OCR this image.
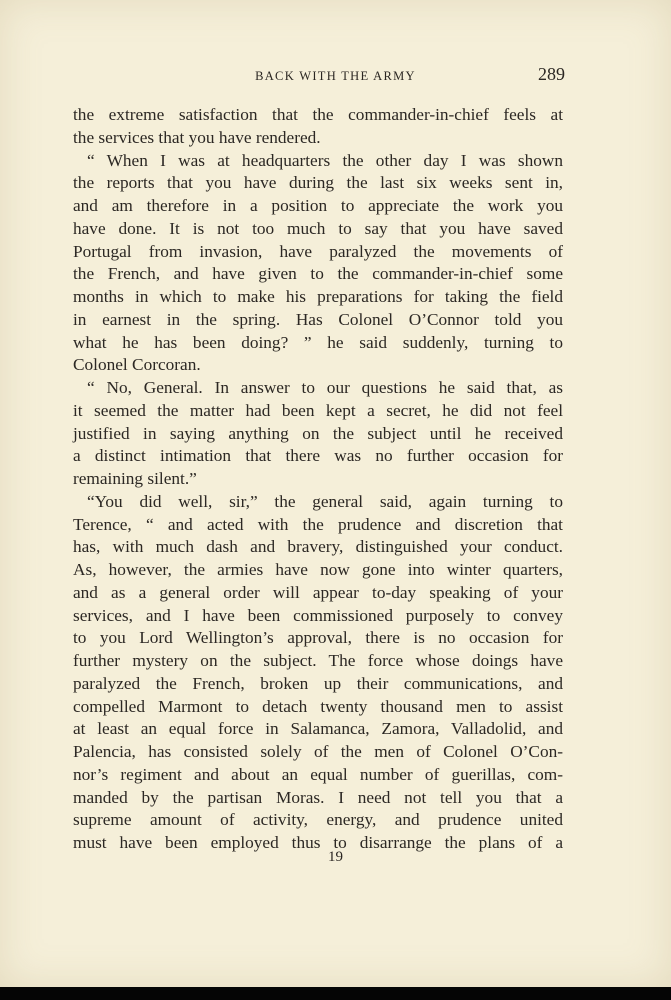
BACK WITH THE ARMY	289
the extreme satisfaction that the commander-in-chief feels at
the services that you have rendered.
“ When I was at headquarters the other day I was shown
the reports that you have during the last six weeks sent in,
and am therefore in a position to appreciate the work you
have done. It is not too much to say that you have saved
Portugal from invasion, have paralyzed the movements of
the French, and have given to the commander-in-chief some
months in which to make his preparations for taking the field
in earnest in the spring. Has Colonel O’Connor told you
what he has been doing? ” he said suddenly, turning to
Colonel Corcoran.
“ No, General. In answer to our questions he said that, as
it seemed the matter had been kept a secret, he did not feel
justified in saying anything on the subject until he received
a distinct intimation that there was no further occasion for
remaining silent.”
“You did well, sir,” the general said, again turning to
Terence, “ and acted with the prudence and discretion that
has, with much dash and bravery, distinguished your conduct.
As, however, the armies have now gone into winter quarters,
and as a general order will appear to-day speaking of your
services, and I have been commissioned purposely to convey
to you Lord Wellington’s approval, there is no occasion for
further mystery on the subject. The force whose doings have
paralyzed the French, broken up their communications, and
compelled Marmont to detach twenty thousand men to assist
at least an equal force in Salamanca, Zamora, Valladolid, and
Palencia, has consisted solely of the men of Colonel O’Con-
nor’s regiment and about an equal number of guerillas, com-
manded by the partisan Moras. I need not tell you that a
supreme amount of activity, energy, and prudence united
must have been employed thus to disarrange the plans of a
19
